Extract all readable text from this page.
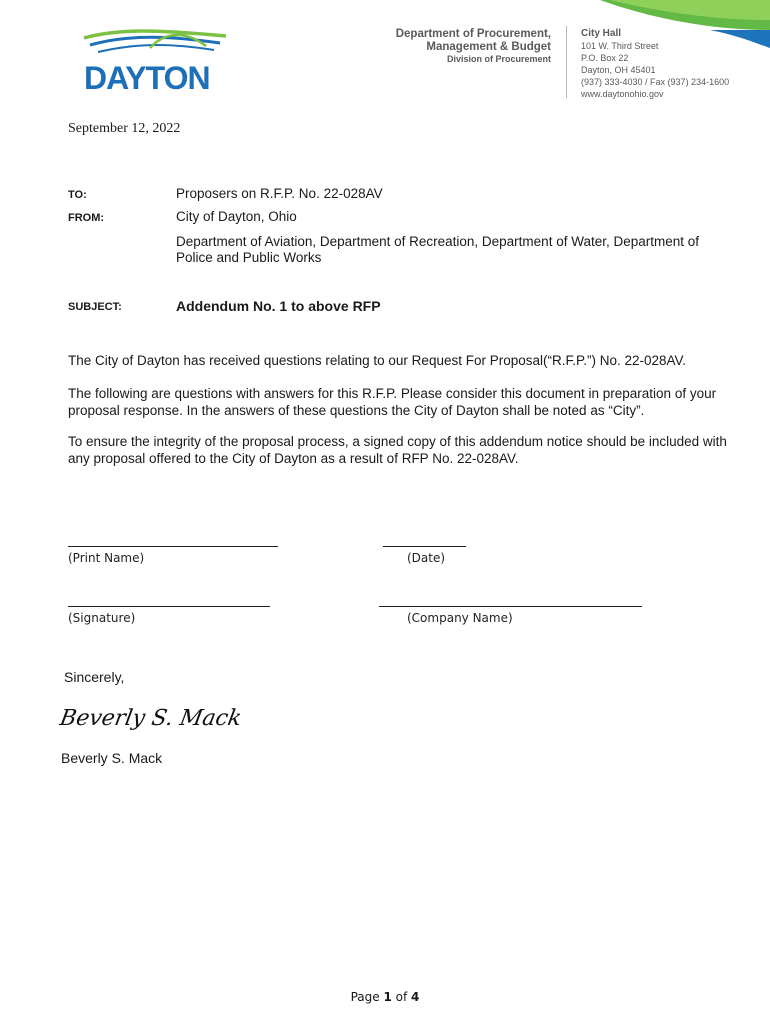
DAYTON
Department of Procurement,
Management & Budget
Division of Procurement
City Hall
101 W. Third Street
P.O. Box 22
Dayton, OH 45401
(937) 333-4030 / Fax (937) 234-1600
www.daytonohio.gov
September 12, 2022
TO:	Proposers on R.F.P. No. 22-028AV
FROM:	City of Dayton, Ohio
Department of Aviation, Department of Recreation, Department of Water, Department of Police and Public Works
SUBJECT:	Addendum No. 1 to above RFP
The City of Dayton has received questions relating to our Request For Proposal(“R.F.P.”) No. 22-028AV.
The following are questions with answers for this R.F.P. Please consider this document in preparation of your proposal response. In the answers of these questions the City of Dayton shall be noted as “City”.
To ensure the integrity of the proposal process, a signed copy of this addendum notice should be included with any proposal offered to the City of Dayton as a result of RFP No. 22-028AV.
(Print Name)	(Date)
(Signature)	(Company Name)
Sincerely,
Beverly S. Mack
Beverly S. Mack
Page 1 of 4
